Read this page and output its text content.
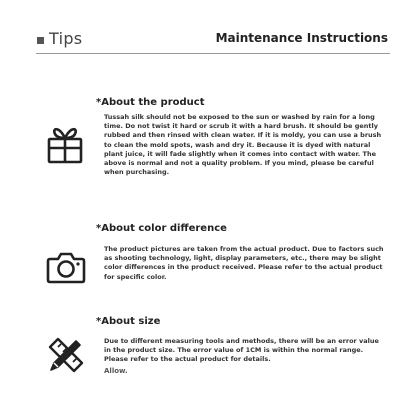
Tips	Maintenance Instructions
*About the product

Tussah silk should not be exposed to the sun or washed by rain for a long time. Do not twist it hard or scrub it with a hard brush. It should be gently rubbed and then rinsed with clean water. If it is moldy, you can use a brush to clean the mold spots, wash and dry it. Because it is dyed with natural plant juice, it will fade slightly when it comes into contact with water. The above is normal and not a quality problem. If you mind, please be careful when purchasing.

*About color difference

The product pictures are taken from the actual product. Due to factors such as shooting technology, light, display parameters, etc., there may be slight color differences in the product received. Please refer to the actual product for specific color.

*About size

Due to different measuring tools and methods, there will be an error value in the product size. The error value of 1CM is within the normal range. Please refer to the actual product for details.

Allow.
